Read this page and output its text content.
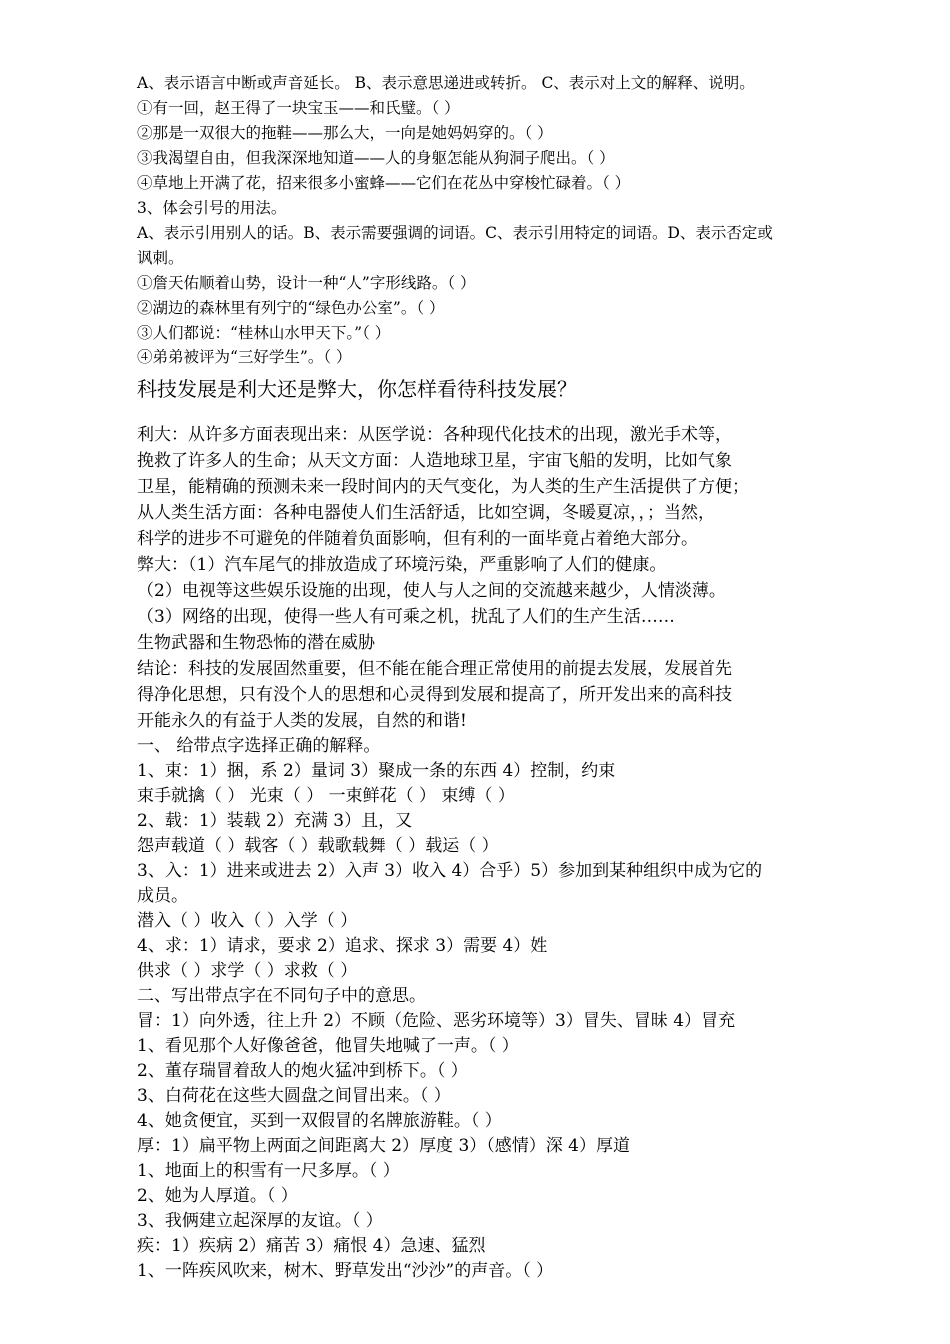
A、表示语言中断或声音延长。 B、表示意思递进或转折。 C、表示对上文的解释、说明。
①有一回，赵王得了一块宝玉——和氏璧。（ ）
②那是一双很大的拖鞋——那么大，一向是她妈妈穿的。（ ）
③我渴望自由，但我深深地知道——人的身躯怎能从狗洞子爬出。（ ）
④草地上开满了花，招来很多小蜜蜂——它们在花丛中穿梭忙碌着。（ ）
3、体会引号的用法。
A、表示引用别人的话。B、表示需要强调的词语。C、表示引用特定的词语。D、表示否定或
讽刺。
①詹天佑顺着山势，设计一种“人”字形线路。（ ）
②湖边的森林里有列宁的“绿色办公室”。（ ）
③人们都说：“桂林山水甲天下。”（ ）
④弟弟被评为“三好学生”。（ ）
科技发展是利大还是弊大，你怎样看待科技发展？
利大：从许多方面表现出来：从医学说：各种现代化技术的出现，激光手术等，
挽救了许多人的生命；从天文方面：人造地球卫星，宇宙飞船的发明，比如气象
卫星，能精确的预测未来一段时间内的天气变化，为人类的生产生活提供了方便；
从人类生活方面：各种电器使人们生活舒适，比如空调，冬暖夏凉，，；当然，
科学的进步不可避免的伴随着负面影响，但有利的一面毕竟占着绝大部分。
弊大：（1）汽车尾气的排放造成了环境污染，严重影响了人们的健康。
（2）电视等这些娱乐设施的出现，使人与人之间的交流越来越少，人情淡薄。
（3）网络的出现，使得一些人有可乘之机，扰乱了人们的生产生活……
生物武器和生物恐怖的潜在威胁
结论：科技的发展固然重要，但不能在能合理正常使用的前提去发展，发展首先
得净化思想，只有没个人的思想和心灵得到发展和提高了，所开发出来的高科技
开能永久的有益于人类的发展，自然的和谐!
一、 给带点字选择正确的解释。
1、束：1）捆，系 2）量词 3）聚成一条的东西 4）控制，约束
束手就擒（ ） 光束（ ） 一束鲜花（ ） 束缚（ ）
2、载：1）装载 2）充满 3）且，又
怨声载道（ ）载客（ ）载歌载舞（ ）载运（ ）
3、入：1）进来或进去 2）入声 3）收入 4）合乎）5）参加到某种组织中成为它的
成员。
潜入（ ）收入（ ）入学（ ）
4、求：1）请求，要求 2）追求、探求 3）需要 4）姓
供求（ ）求学（ ）求救（ ）
二、写出带点字在不同句子中的意思。
冒：1）向外透，往上升 2）不顾（危险、恶劣环境等）3）冒失、冒昧 4）冒充
1、看见那个人好像爸爸，他冒失地喊了一声。（ ）
2、董存瑞冒着敌人的炮火猛冲到桥下。（ ）
3、白荷花在这些大圆盘之间冒出来。（ ）
4、她贪便宜，买到一双假冒的名牌旅游鞋。（ ）
厚：1）扁平物上两面之间距离大 2）厚度 3）（感情）深 4）厚道
1、地面上的积雪有一尺多厚。（ ）
2、她为人厚道。（ ）
3、我俩建立起深厚的友谊。（ ）
疾：1）疾病 2）痛苦 3）痛恨 4）急速、猛烈
1、一阵疾风吹来，树木、野草发出“沙沙”的声音。（ ）
